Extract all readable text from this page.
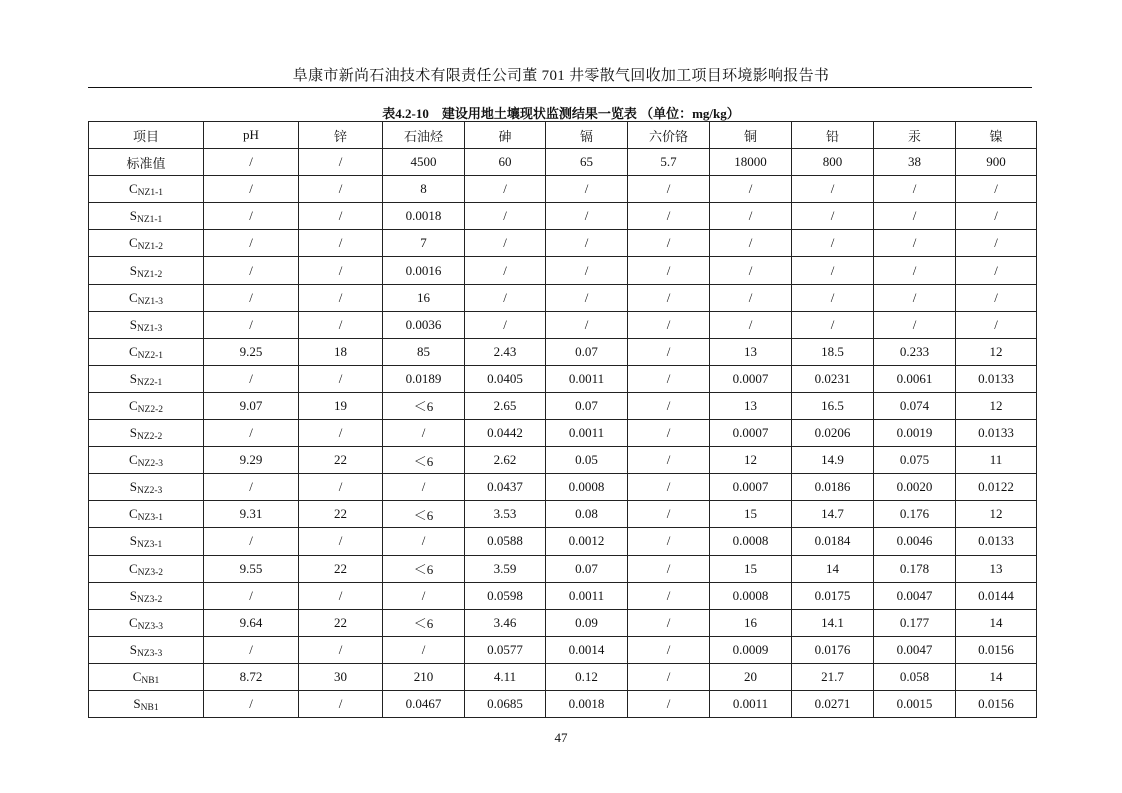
阜康市新尚石油技术有限责任公司董 701 井零散气回收加工项目环境影响报告书
表4.2-10　建设用地土壤现状监测结果一览表 （单位：mg/kg）
项目	pH	锌	石油烃	砷	镉	六价铬	铜	铅	汞	镍
标准值	/	/	4500	60	65	5.7	18000	800	38	900
CNZ1-1	/	/	8	/	/	/	/	/	/	/
SNZ1-1	/	/	0.0018	/	/	/	/	/	/	/
CNZ1-2	/	/	7	/	/	/	/	/	/	/
SNZ1-2	/	/	0.0016	/	/	/	/	/	/	/
CNZ1-3	/	/	16	/	/	/	/	/	/	/
SNZ1-3	/	/	0.0036	/	/	/	/	/	/	/
CNZ2-1	9.25	18	85	2.43	0.07	/	13	18.5	0.233	12
SNZ2-1	/	/	0.0189	0.0405	0.0011	/	0.0007	0.0231	0.0061	0.0133
CNZ2-2	9.07	19	＜6	2.65	0.07	/	13	16.5	0.074	12
SNZ2-2	/	/	/	0.0442	0.0011	/	0.0007	0.0206	0.0019	0.0133
CNZ2-3	9.29	22	＜6	2.62	0.05	/	12	14.9	0.075	11
SNZ2-3	/	/	/	0.0437	0.0008	/	0.0007	0.0186	0.0020	0.0122
CNZ3-1	9.31	22	＜6	3.53	0.08	/	15	14.7	0.176	12
SNZ3-1	/	/	/	0.0588	0.0012	/	0.0008	0.0184	0.0046	0.0133
CNZ3-2	9.55	22	＜6	3.59	0.07	/	15	14	0.178	13
SNZ3-2	/	/	/	0.0598	0.0011	/	0.0008	0.0175	0.0047	0.0144
CNZ3-3	9.64	22	＜6	3.46	0.09	/	16	14.1	0.177	14
SNZ3-3	/	/	/	0.0577	0.0014	/	0.0009	0.0176	0.0047	0.0156
CNB1	8.72	30	210	4.11	0.12	/	20	21.7	0.058	14
SNB1	/	/	0.0467	0.0685	0.0018	/	0.0011	0.0271	0.0015	0.0156
47
